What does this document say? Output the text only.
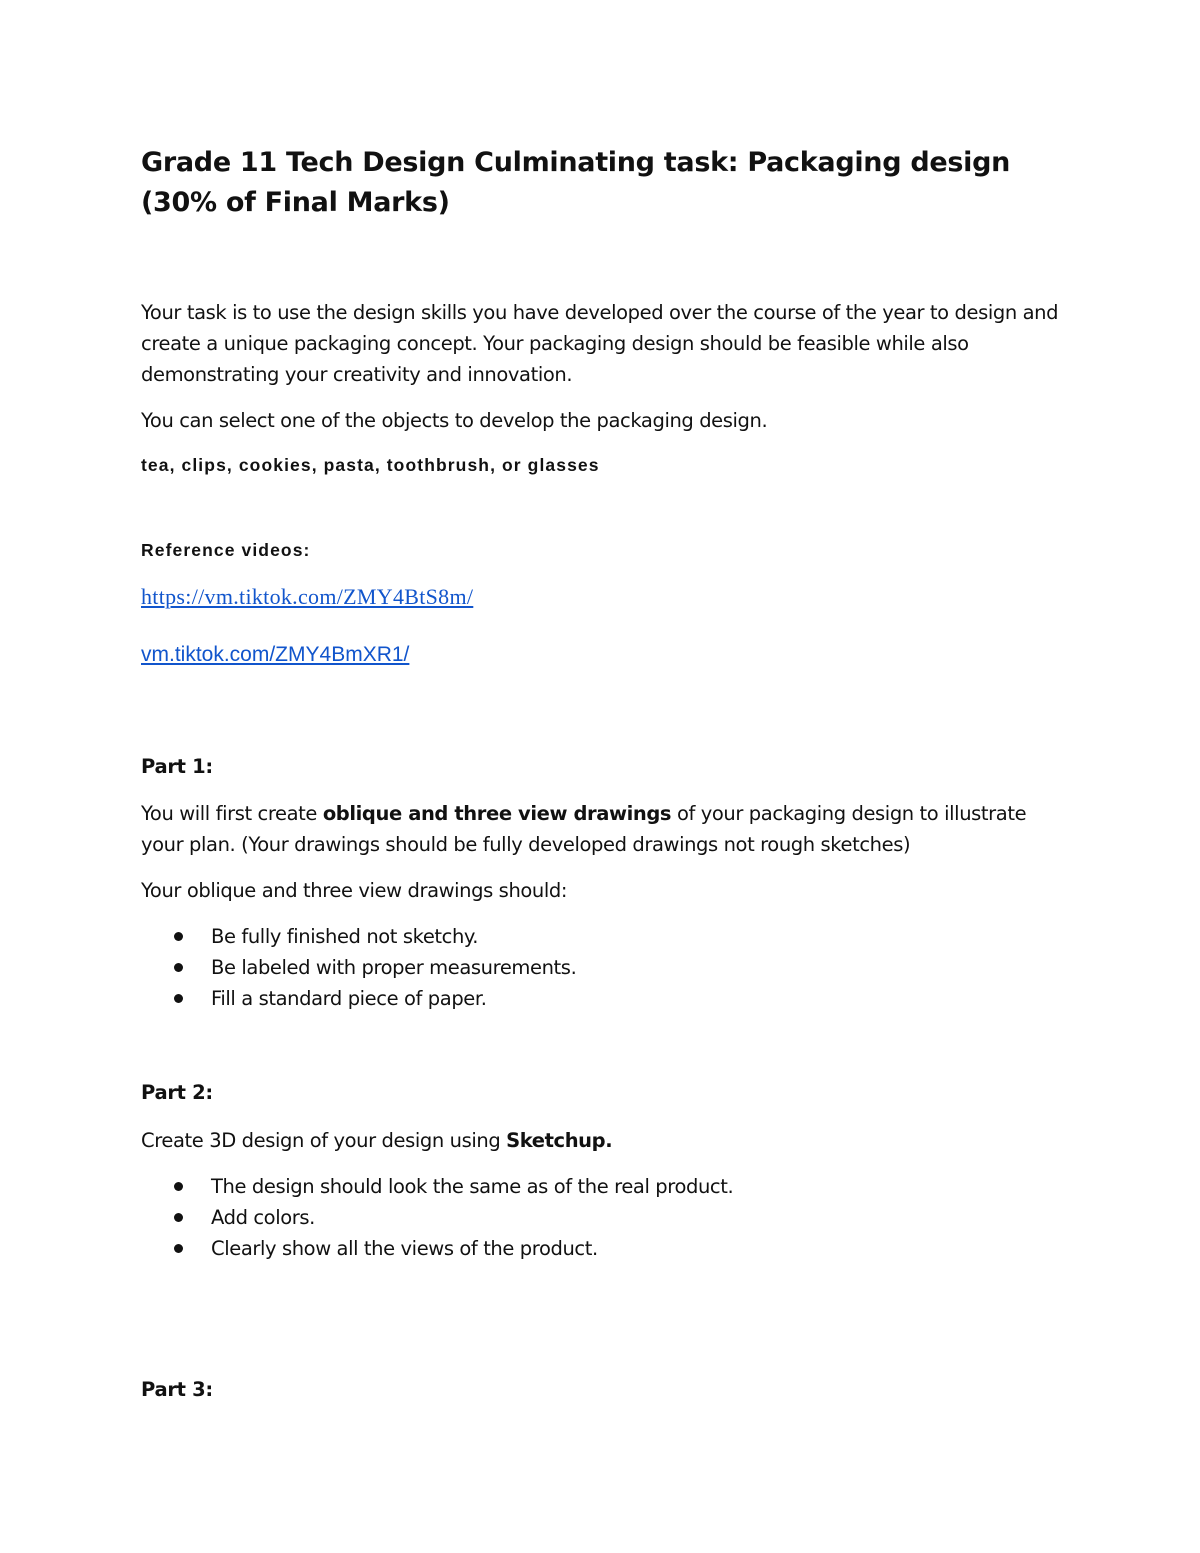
Grade 11 Tech Design Culminating task: Packaging design (30% of Final Marks)

Your task is to use the design skills you have developed over the course of the year to design and create a unique packaging concept. Your packaging design should be feasible while also demonstrating your creativity and innovation.

You can select one of the objects to develop the packaging design.

tea, clips, cookies, pasta, toothbrush, or glasses

Reference videos:

https://vm.tiktok.com/ZMY4BtS8m/
vm.tiktok.com/ZMY4BmXR1/

Part 1:

You will first create oblique and three view drawings of your packaging design to illustrate your plan. (Your drawings should be fully developed drawings not rough sketches)

Your oblique and three view drawings should:

Be fully finished not sketchy.
Be labeled with proper measurements.
Fill a standard piece of paper.

Part 2:

Create 3D design of your design using Sketchup.

The design should look the same as of the real product.
Add colors.
Clearly show all the views of the product.

Part 3:
